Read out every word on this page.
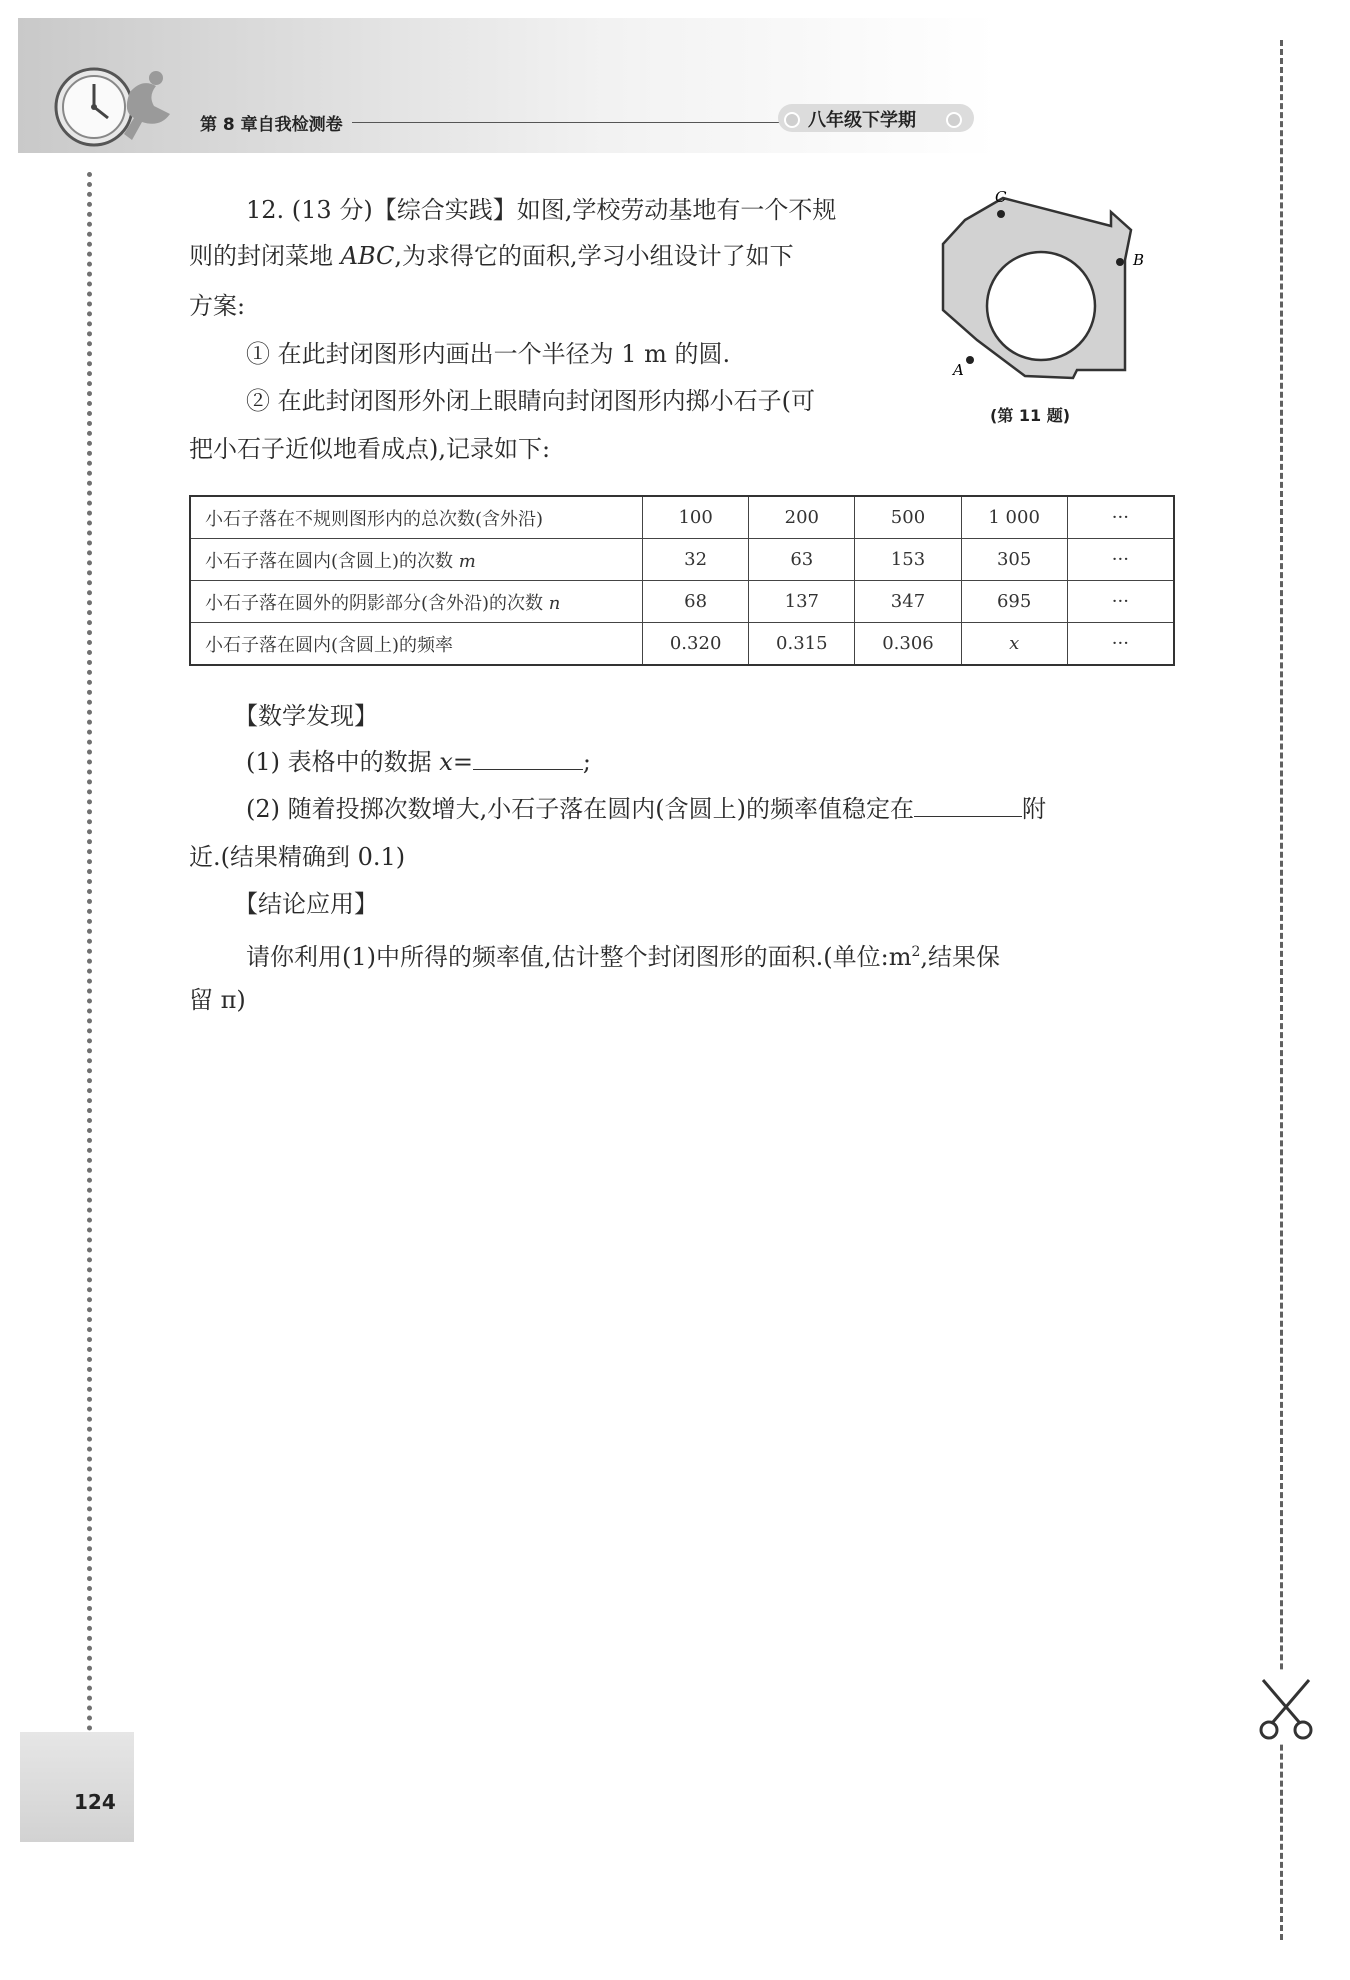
第 8 章自我检测卷	八年级下学期
12. (13 分)【综合实践】如图,学校劳动基地有一个不规
则的封闭菜地 ABC,为求得它的面积,学习小组设计了如下
方案:
① 在此封闭图形内画出一个半径为 1 m 的圆.
② 在此封闭图形外闭上眼睛向封闭图形内掷小石子(可
把小石子近似地看成点),记录如下:
C
B
A
(第 11 题)
小石子落在不规则图形内的总次数(含外沿)	100	200	500	1 000	···
小石子落在圆内(含圆上)的次数 m	32	63	153	305	···
小石子落在圆外的阴影部分(含外沿)的次数 n	68	137	347	695	···
小石子落在圆内(含圆上)的频率	0.320	0.315	0.306	x	···
【数学发现】
(1) 表格中的数据 x=	;
(2) 随着投掷次数增大,小石子落在圆内(含圆上)的频率值稳定在	附
近.(结果精确到 0.1)
【结论应用】
请你利用(1)中所得的频率值,估计整个封闭图形的面积.(单位$:m^2$,结果保
留 π)
124
